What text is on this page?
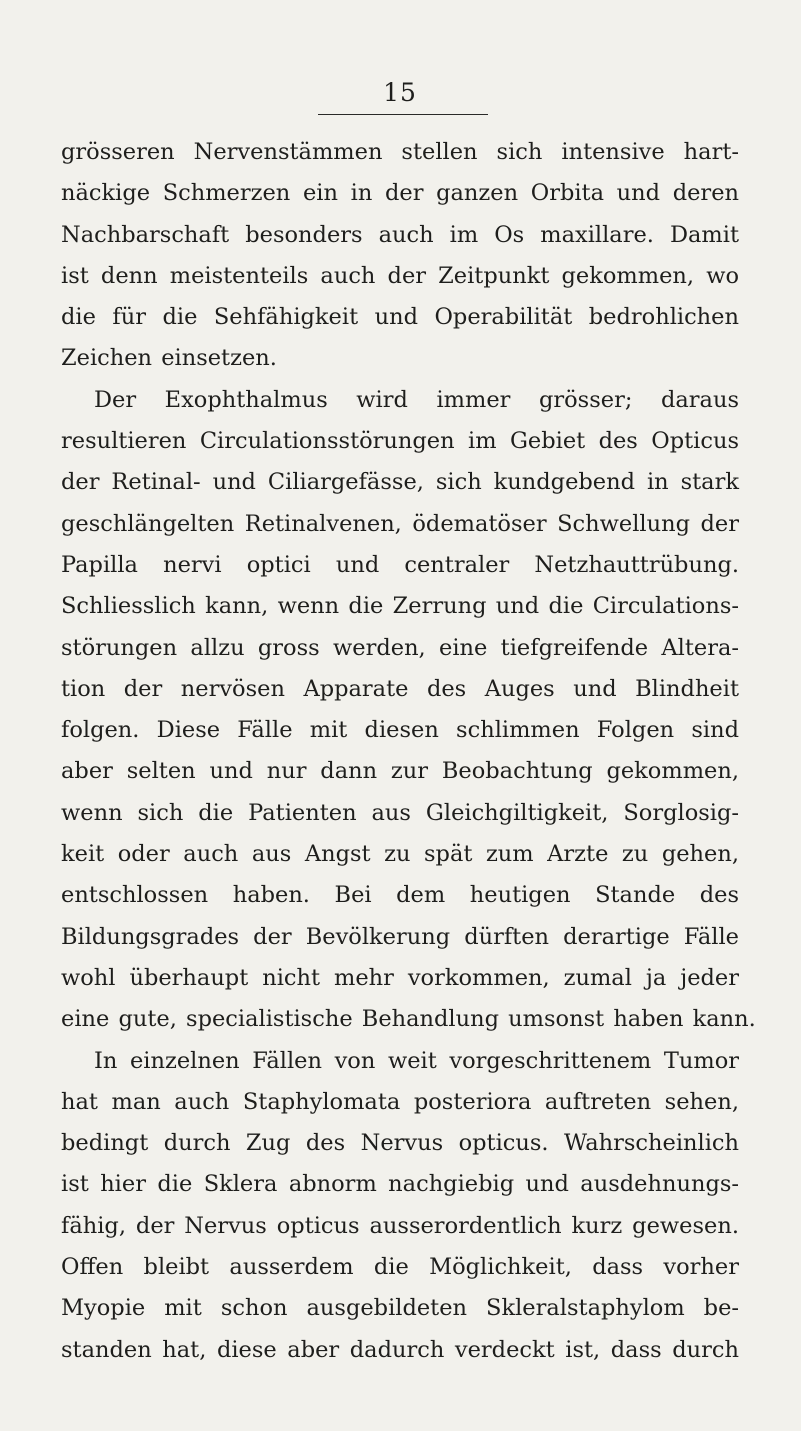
15
grösseren Nervenstämmen stellen sich intensive hart-
näckige Schmerzen ein in der ganzen Orbita und deren
Nachbarschaft besonders auch im Os maxillare. Damit
ist denn meistenteils auch der Zeitpunkt gekommen, wo
die für die Sehfähigkeit und Operabilität bedrohlichen
Zeichen einsetzen.
Der Exophthalmus wird immer grösser; daraus
resultieren Circulationsstörungen im Gebiet des Opticus
der Retinal- und Ciliargefässe, sich kundgebend in stark
geschlängelten Retinalvenen, ödematöser Schwellung der
Papilla nervi optici und centraler Netzhauttrübung.
Schliesslich kann, wenn die Zerrung und die Circulations-
störungen allzu gross werden, eine tiefgreifende Altera-
tion der nervösen Apparate des Auges und Blindheit
folgen. Diese Fälle mit diesen schlimmen Folgen sind
aber selten und nur dann zur Beobachtung gekommen,
wenn sich die Patienten aus Gleichgiltigkeit, Sorglosig-
keit oder auch aus Angst zu spät zum Arzte zu gehen,
entschlossen haben. Bei dem heutigen Stande des
Bildungsgrades der Bevölkerung dürften derartige Fälle
wohl überhaupt nicht mehr vorkommen, zumal ja jeder
eine gute, specialistische Behandlung umsonst haben kann.
In einzelnen Fällen von weit vorgeschrittenem Tumor
hat man auch Staphylomata posteriora auftreten sehen,
bedingt durch Zug des Nervus opticus. Wahrscheinlich
ist hier die Sklera abnorm nachgiebig und ausdehnungs-
fähig, der Nervus opticus ausserordentlich kurz gewesen.
Offen bleibt ausserdem die Möglichkeit, dass vorher
Myopie mit schon ausgebildeten Skleralstaphylom be-
standen hat, diese aber dadurch verdeckt ist, dass durch
